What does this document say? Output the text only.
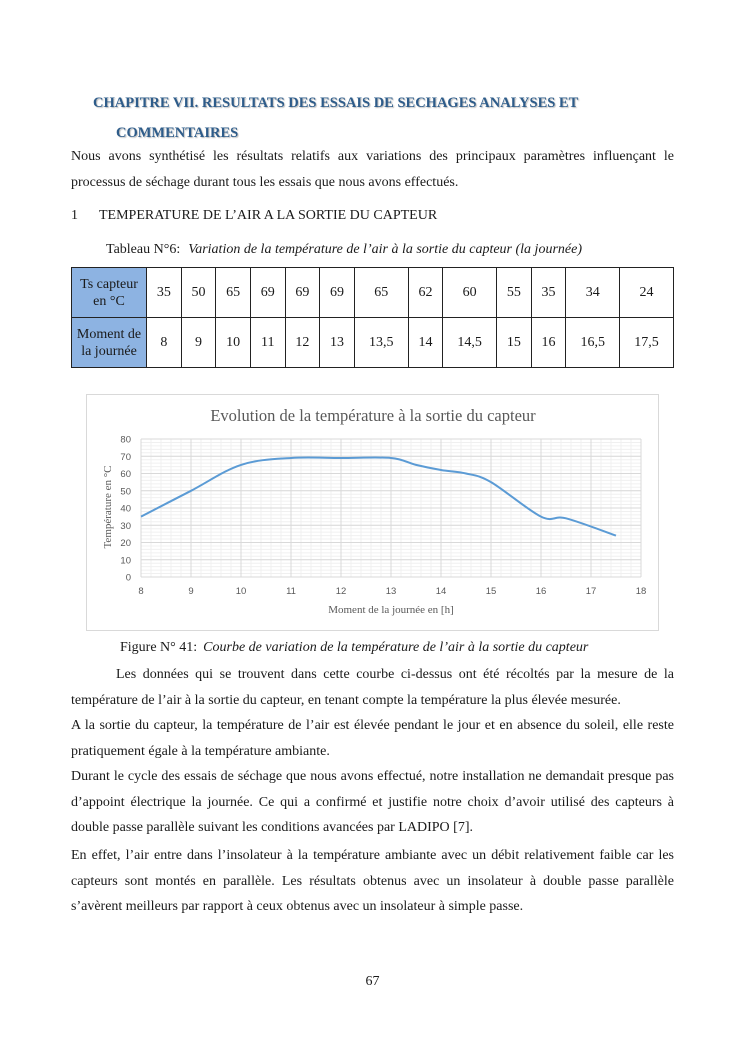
CHAPITRE VII. RESULTATS DES ESSAIS DE SECHAGES ANALYSES ET
COMMENTAIRES
Nous avons synthétisé les résultats relatifs aux variations des principaux paramètres influençant le processus de séchage durant tous les essais que nous avons effectués.
1 TEMPERATURE DE L’AIR A LA SORTIE DU CAPTEUR
Tableau N°6: Variation de la température de l’air à la sortie du capteur (la journée)
Ts capteur en °C	35	50	65	69	69	69	65	62	60	55	35	34	24
Moment de la journée	8	9	10	11	12	13	13,5	14	14,5	15	16	16,5	17,5
Evolution de la température à la sortie du capteur
0
10
20
30
40
50
60
70
80
8	9	10	11	12	13	14	15	16	17	18
Température en °C
Moment de la journée en [h]
Figure N° 41: Courbe de variation de la température de l’air à la sortie du capteur
Les données qui se trouvent dans cette courbe ci-dessus ont été récoltés par la mesure de la température de l’air à la sortie du capteur, en tenant compte la température la plus élevée mesurée.
A la sortie du capteur, la température de l’air est élevée pendant le jour et en absence du soleil, elle reste pratiquement égale à la température ambiante.
Durant le cycle des essais de séchage que nous avons effectué, notre installation ne demandait presque pas d’appoint électrique la journée. Ce qui a confirmé et justifie notre choix d’avoir utilisé des capteurs à double passe parallèle suivant les conditions avancées par LADIPO [7].
En effet, l’air entre dans l’insolateur à la température ambiante avec un débit relativement faible car les capteurs sont montés en parallèle. Les résultats obtenus avec un insolateur à double passe parallèle s’avèrent meilleurs par rapport à ceux obtenus avec un insolateur à simple passe.
67
